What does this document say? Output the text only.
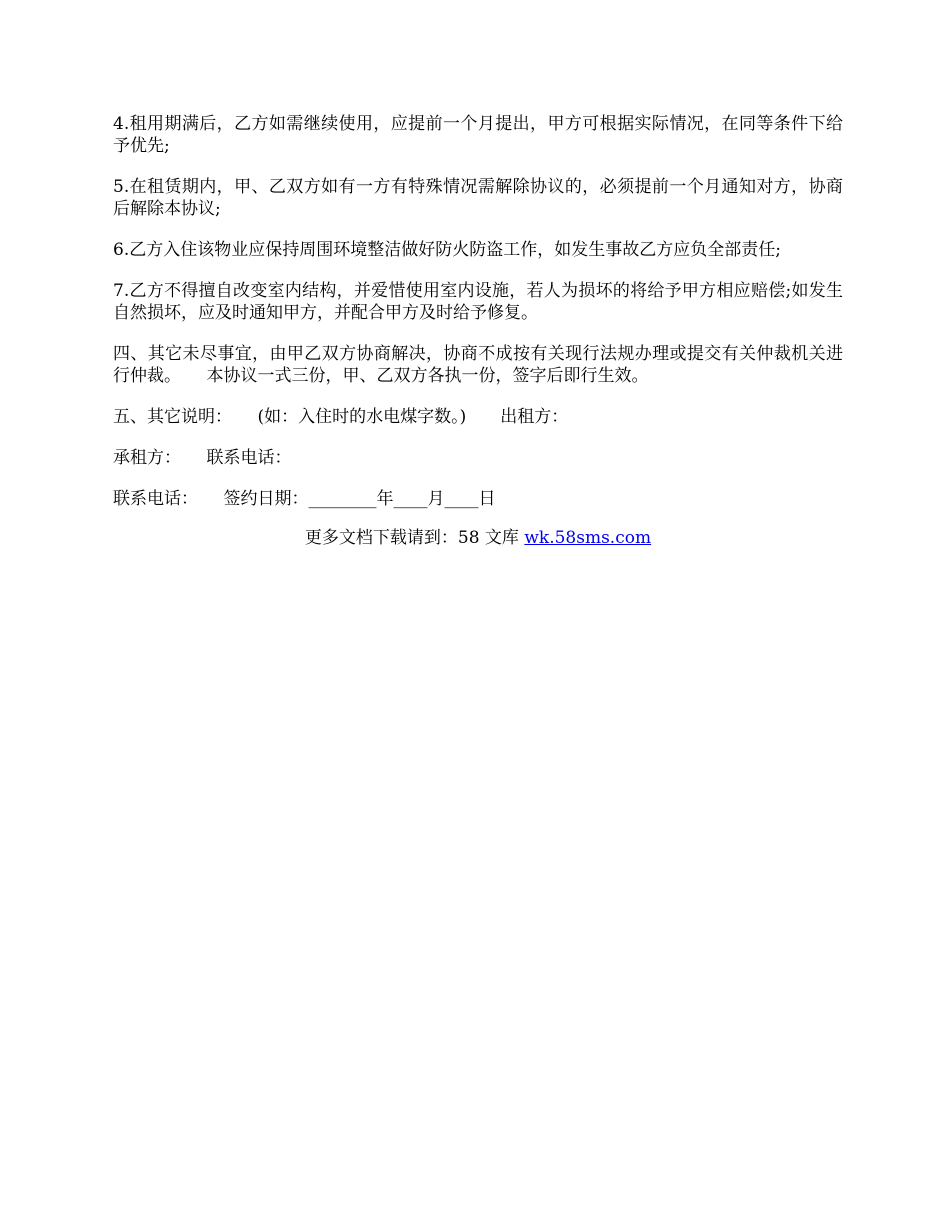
4.租用期满后，乙方如需继续使用，应提前一个月提出，甲方可根据实际情况，在同等条件下给予优先;

5.在租赁期内，甲、乙双方如有一方有特殊情况需解除协议的，必须提前一个月通知对方，协商后解除本协议;

6.乙方入住该物业应保持周围环境整洁做好防火防盗工作，如发生事故乙方应负全部责任;

7.乙方不得擅自改变室内结构，并爱惜使用室内设施，若人为损坏的将给予甲方相应赔偿;如发生自然损坏，应及时通知甲方，并配合甲方及时给予修复。

四、其它未尽事宜，由甲乙双方协商解决，协商不成按有关现行法规办理或提交有关仲裁机关进行仲裁。　　本协议一式三份，甲、乙双方各执一份，签字后即行生效。

五、其它说明：　　(如：入住时的水电煤字数。)　　出租方：

承租方：　　联系电话：

联系电话：　　签约日期：________年____月____日

更多文档下载请到：58 文库 wk.58sms.com
